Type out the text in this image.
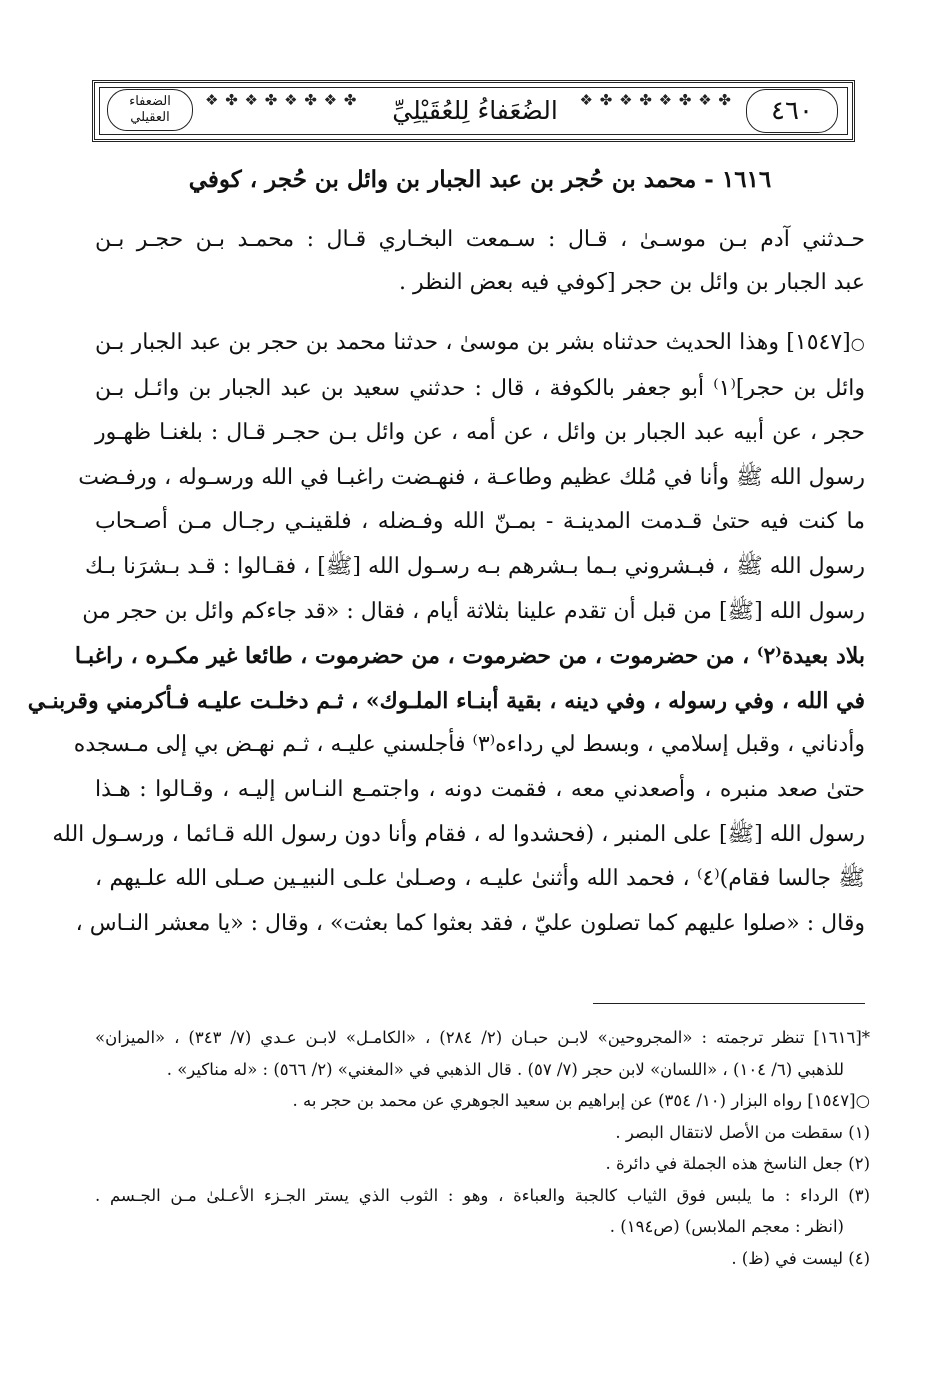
٤٦٠
❖ ✤ ❖ ✤ ❖ ✤ ❖ ✤
الضُعَفاءُ لِلعُقَيْلِيِّ
❖ ✤ ❖ ✤ ❖ ✤ ❖ ✤
الضعفاء العقيلي
١٦١٦ - محمد بن حُجر بن عبد الجبار بن وائل بن حُجر ، كوفي
حـدثني آدم بـن موسـىٰ ، قـال : سـمعت البخـاري قـال : محمـد بـن حجـر بـن
عبد الجبار بن وائل بن حجر [كوفي فيه بعض النظر .
○[١٥٤٧] وهذا الحديث حدثناه بشر بن موسىٰ ، حدثنا محمد بن حجر بن عبد الجبار بـن
وائل بن حجر]⁽١⁾ أبو جعفر بالكوفة ، قال : حدثني سعيد بن عبد الجبار بن وائـل بـن
حجر ، عن أبيه عبد الجبار بن وائل ، عن أمه ، عن وائل بـن حجـر قـال : بلغنـا ظهـور
رسول الله ﷺ وأنا في مُلك عظيم وطاعـة ، فنهـضت راغبـا في الله ورسـوله ، ورفـضت
ما كنت فيه حتىٰ قـدمت المدينـة - بمـنّ الله وفـضله ، فلقينـي رجـال مـن أصـحاب
رسول الله ﷺ ، فبـشروني بـما بـشرهم بـه رسـول الله [ﷺ] ، فقـالوا : قـد بـشرَنا بـك
رسول الله [ﷺ] من قبل أن تقدم علينا بثلاثة أيام ، فقال : «قد جاءكم وائل بن حجر من
بلاد بعيدة⁽٢⁾ ، من حضرموت ، من حضرموت ، من حضرموت ، طائعا غير مكـره ، راغبـا
في الله ، وفي رسوله ، وفي دينه ، بقية أبنـاء الملـوك» ، ثـم دخلـت عليـه فـأكرمني وقربنـي
وأدناني ، وقبل إسلامي ، وبسط لي رداءه⁽٣⁾ فأجلسني عليـه ، ثـم نهـض بي إلى مـسجده
حتىٰ صعد منبره ، وأصعدني معه ، فقمت دونه ، واجتمـع النـاس إليـه ، وقـالوا : هـذا
رسول الله [ﷺ] على المنبر ، (فحشدوا له ، فقام وأنا دون رسول الله قـائما ، ورسـول الله
ﷺ جالسا فقام)⁽٤⁾ ، فحمد الله وأثنىٰ عليـه ، وصـلىٰ علـى النبيـين صـلى الله علـيهم ،
وقال : «صلوا عليهم كما تصلون عليّ ، فقد بعثوا كما بعثت» ، وقال : «يا معشر النـاس ،
*[١٦١٦] تنظر ترجمته : «المجروحين» لابـن حبـان (٢/ ٢٨٤) ، «الكامـل» لابـن عـدي (٧/ ٣٤٣) ، «الميزان»
للذهبي (٦/ ١٠٤) ، «اللسان» لابن حجر (٧/ ٥٧) . قال الذهبي في «المغني» (٢/ ٥٦٦) : «له مناكير» .
○[١٥٤٧] رواه البزار (١٠/ ٣٥٤) عن إبراهيم بن سعيد الجوهري عن محمد بن حجر به .
(١) سقطت من الأصل لانتقال البصر .
(٢) جعل الناسخ هذه الجملة في دائرة .
(٣) الرداء : ما يلبس فوق الثياب كالجبة والعباءة ، وهو : الثوب الذي يستر الجـزء الأعـلىٰ مـن الجـسم .
(انظر : معجم الملابس) (ص١٩٤) .
(٤) ليست في (ظ) .
